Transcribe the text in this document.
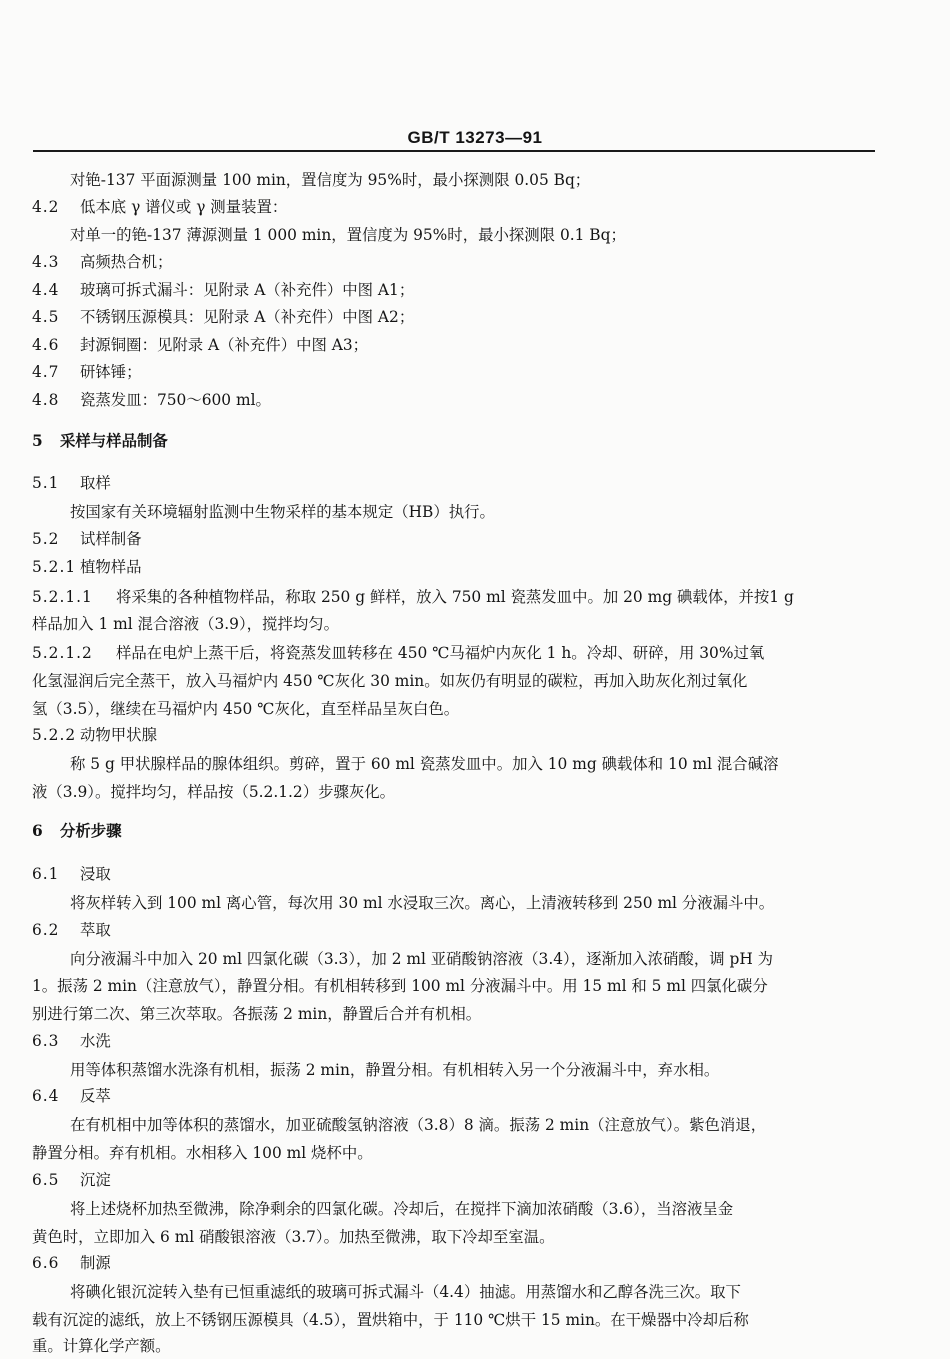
GB/T 13273—91
对铯-137 平面源测量 100 min，置信度为 95%时，最小探测限 0.05 Bq；
4.2 低本底 γ 谱仪或 γ 测量装置：
对单一的铯-137 薄源测量 1 000 min，置信度为 95%时，最小探测限 0.1 Bq；
4.3 高频热合机；
4.4 玻璃可拆式漏斗：见附录 A（补充件）中图 A1；
4.5 不锈钢压源模具：见附录 A（补充件）中图 A2；
4.6 封源铜圈：见附录 A（补充件）中图 A3；
4.7 研钵锤；
4.8 瓷蒸发皿：750～600 ml。
5 采样与样品制备
5.1 取样
按国家有关环境辐射监测中生物采样的基本规定（HB）执行。
5.2 试样制备
5.2.1 植物样品
5.2.1.1 将采集的各种植物样品，称取 250 g 鲜样，放入 750 ml 瓷蒸发皿中。加 20 mg 碘载体，并按1 g
样品加入 1 ml 混合溶液（3.9），搅拌均匀。
5.2.1.2 样品在电炉上蒸干后，将瓷蒸发皿转移在 450 ℃马福炉内灰化 1 h。冷却、研碎，用 30%过氧
化氢湿润后完全蒸干，放入马福炉内 450 ℃灰化 30 min。如灰仍有明显的碳粒，再加入助灰化剂过氧化
氢（3.5），继续在马福炉内 450 ℃灰化，直至样品呈灰白色。
5.2.2 动物甲状腺
称 5 g 甲状腺样品的腺体组织。剪碎，置于 60 ml 瓷蒸发皿中。加入 10 mg 碘载体和 10 ml 混合碱溶
液（3.9）。搅拌均匀，样品按（5.2.1.2）步骤灰化。
6 分析步骤
6.1 浸取
将灰样转入到 100 ml 离心管，每次用 30 ml 水浸取三次。离心，上清液转移到 250 ml 分液漏斗中。
6.2 萃取
向分液漏斗中加入 20 ml 四氯化碳（3.3），加 2 ml 亚硝酸钠溶液（3.4），逐渐加入浓硝酸，调 pH 为
1。振荡 2 min（注意放气），静置分相。有机相转移到 100 ml 分液漏斗中。用 15 ml 和 5 ml 四氯化碳分
别进行第二次、第三次萃取。各振荡 2 min，静置后合并有机相。
6.3 水洗
用等体积蒸馏水洗涤有机相，振荡 2 min，静置分相。有机相转入另一个分液漏斗中，弃水相。
6.4 反萃
在有机相中加等体积的蒸馏水，加亚硫酸氢钠溶液（3.8）8 滴。振荡 2 min（注意放气）。紫色消退，
静置分相。弃有机相。水相移入 100 ml 烧杯中。
6.5 沉淀
将上述烧杯加热至微沸，除净剩余的四氯化碳。冷却后，在搅拌下滴加浓硝酸（3.6），当溶液呈金
黄色时，立即加入 6 ml 硝酸银溶液（3.7）。加热至微沸，取下冷却至室温。
6.6 制源
将碘化银沉淀转入垫有已恒重滤纸的玻璃可拆式漏斗（4.4）抽滤。用蒸馏水和乙醇各洗三次。取下
载有沉淀的滤纸，放上不锈钢压源模具（4.5），置烘箱中，于 110 ℃烘干 15 min。在干燥器中冷却后称
重。计算化学产额。
